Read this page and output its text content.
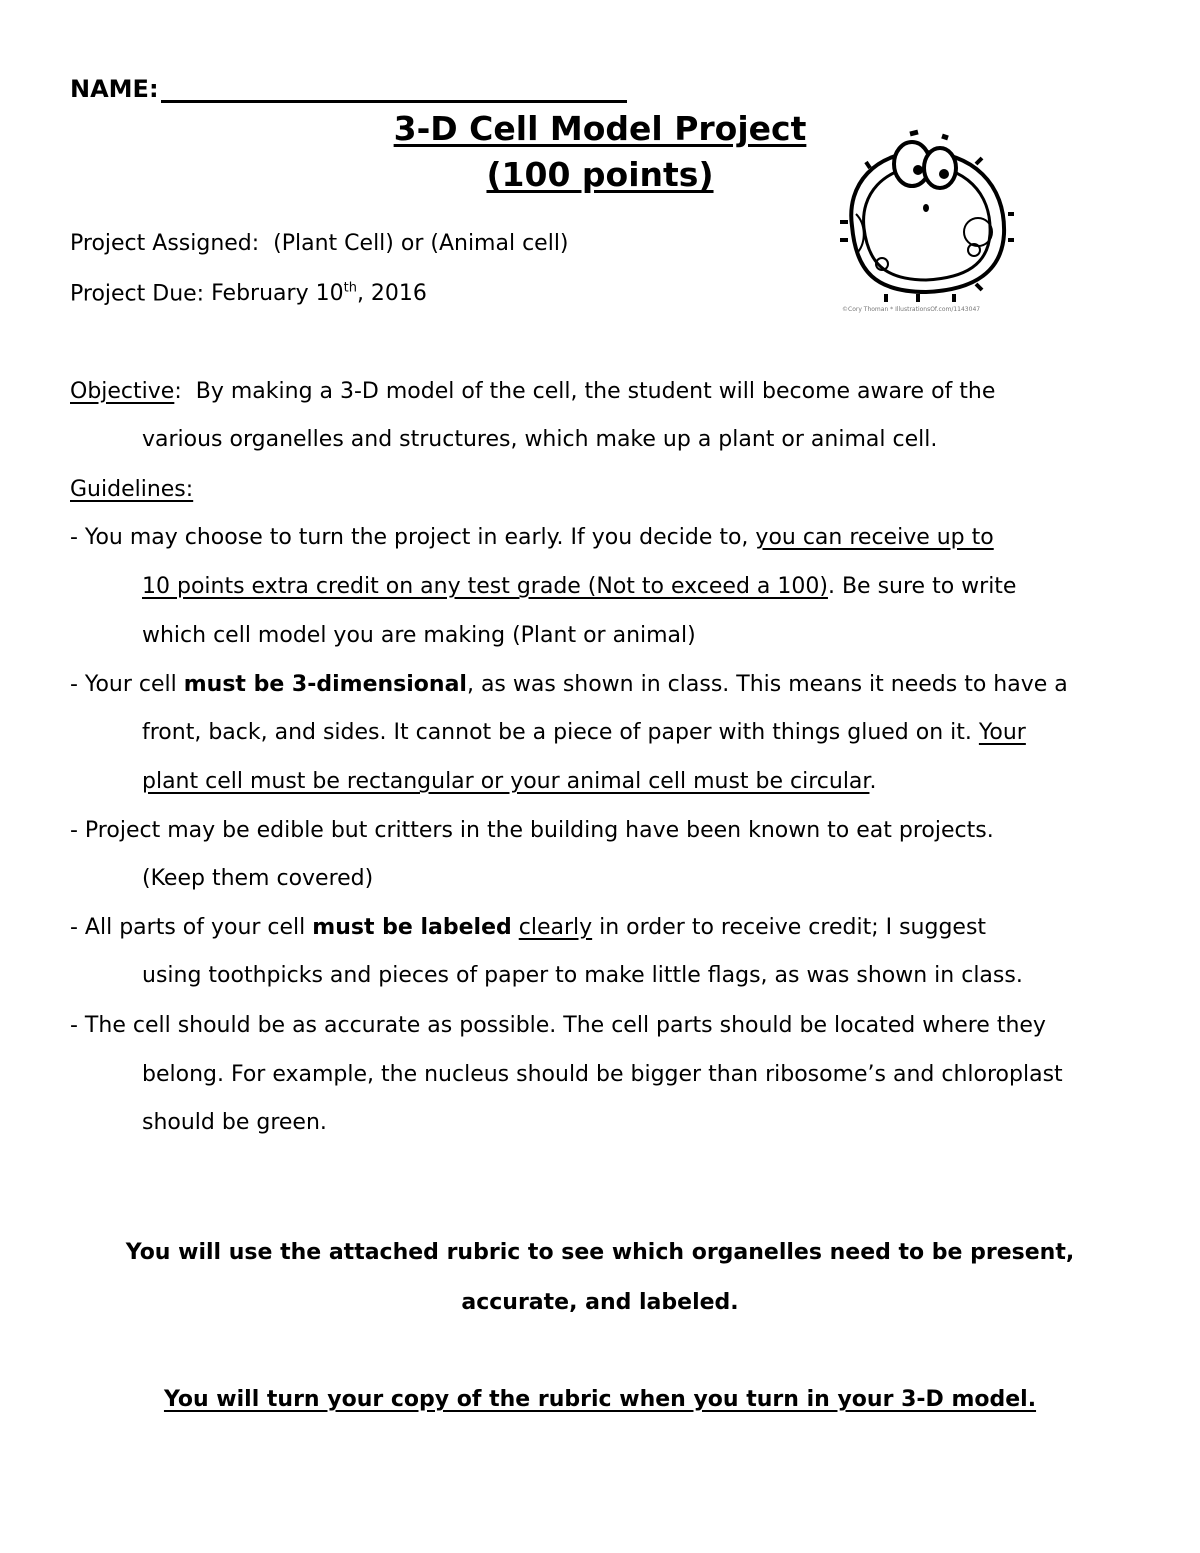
NAME:
3-D Cell Model Project
(100 points)
Project Assigned: (Plant Cell) or (Animal cell)
Project Due: February 10th, 2016
©Cory Thoman * IllustrationsOf.com/1143047
Objective: By making a 3-D model of the cell, the student will become aware of the
various organelles and structures, which make up a plant or animal cell.
Guidelines:
- You may choose to turn the project in early. If you decide to, you can receive up to
10 points extra credit on any test grade (Not to exceed a 100). Be sure to write
which cell model you are making (Plant or animal)
- Your cell must be 3-dimensional, as was shown in class. This means it needs to have a
front, back, and sides. It cannot be a piece of paper with things glued on it. Your
plant cell must be rectangular or your animal cell must be circular.
- Project may be edible but critters in the building have been known to eat projects.
(Keep them covered)
- All parts of your cell must be labeled clearly in order to receive credit; I suggest
using toothpicks and pieces of paper to make little flags, as was shown in class.
- The cell should be as accurate as possible. The cell parts should be located where they
belong. For example, the nucleus should be bigger than ribosome’s and chloroplast
should be green.
You will use the attached rubric to see which organelles need to be present,
accurate, and labeled.
You will turn your copy of the rubric when you turn in your 3-D model.
